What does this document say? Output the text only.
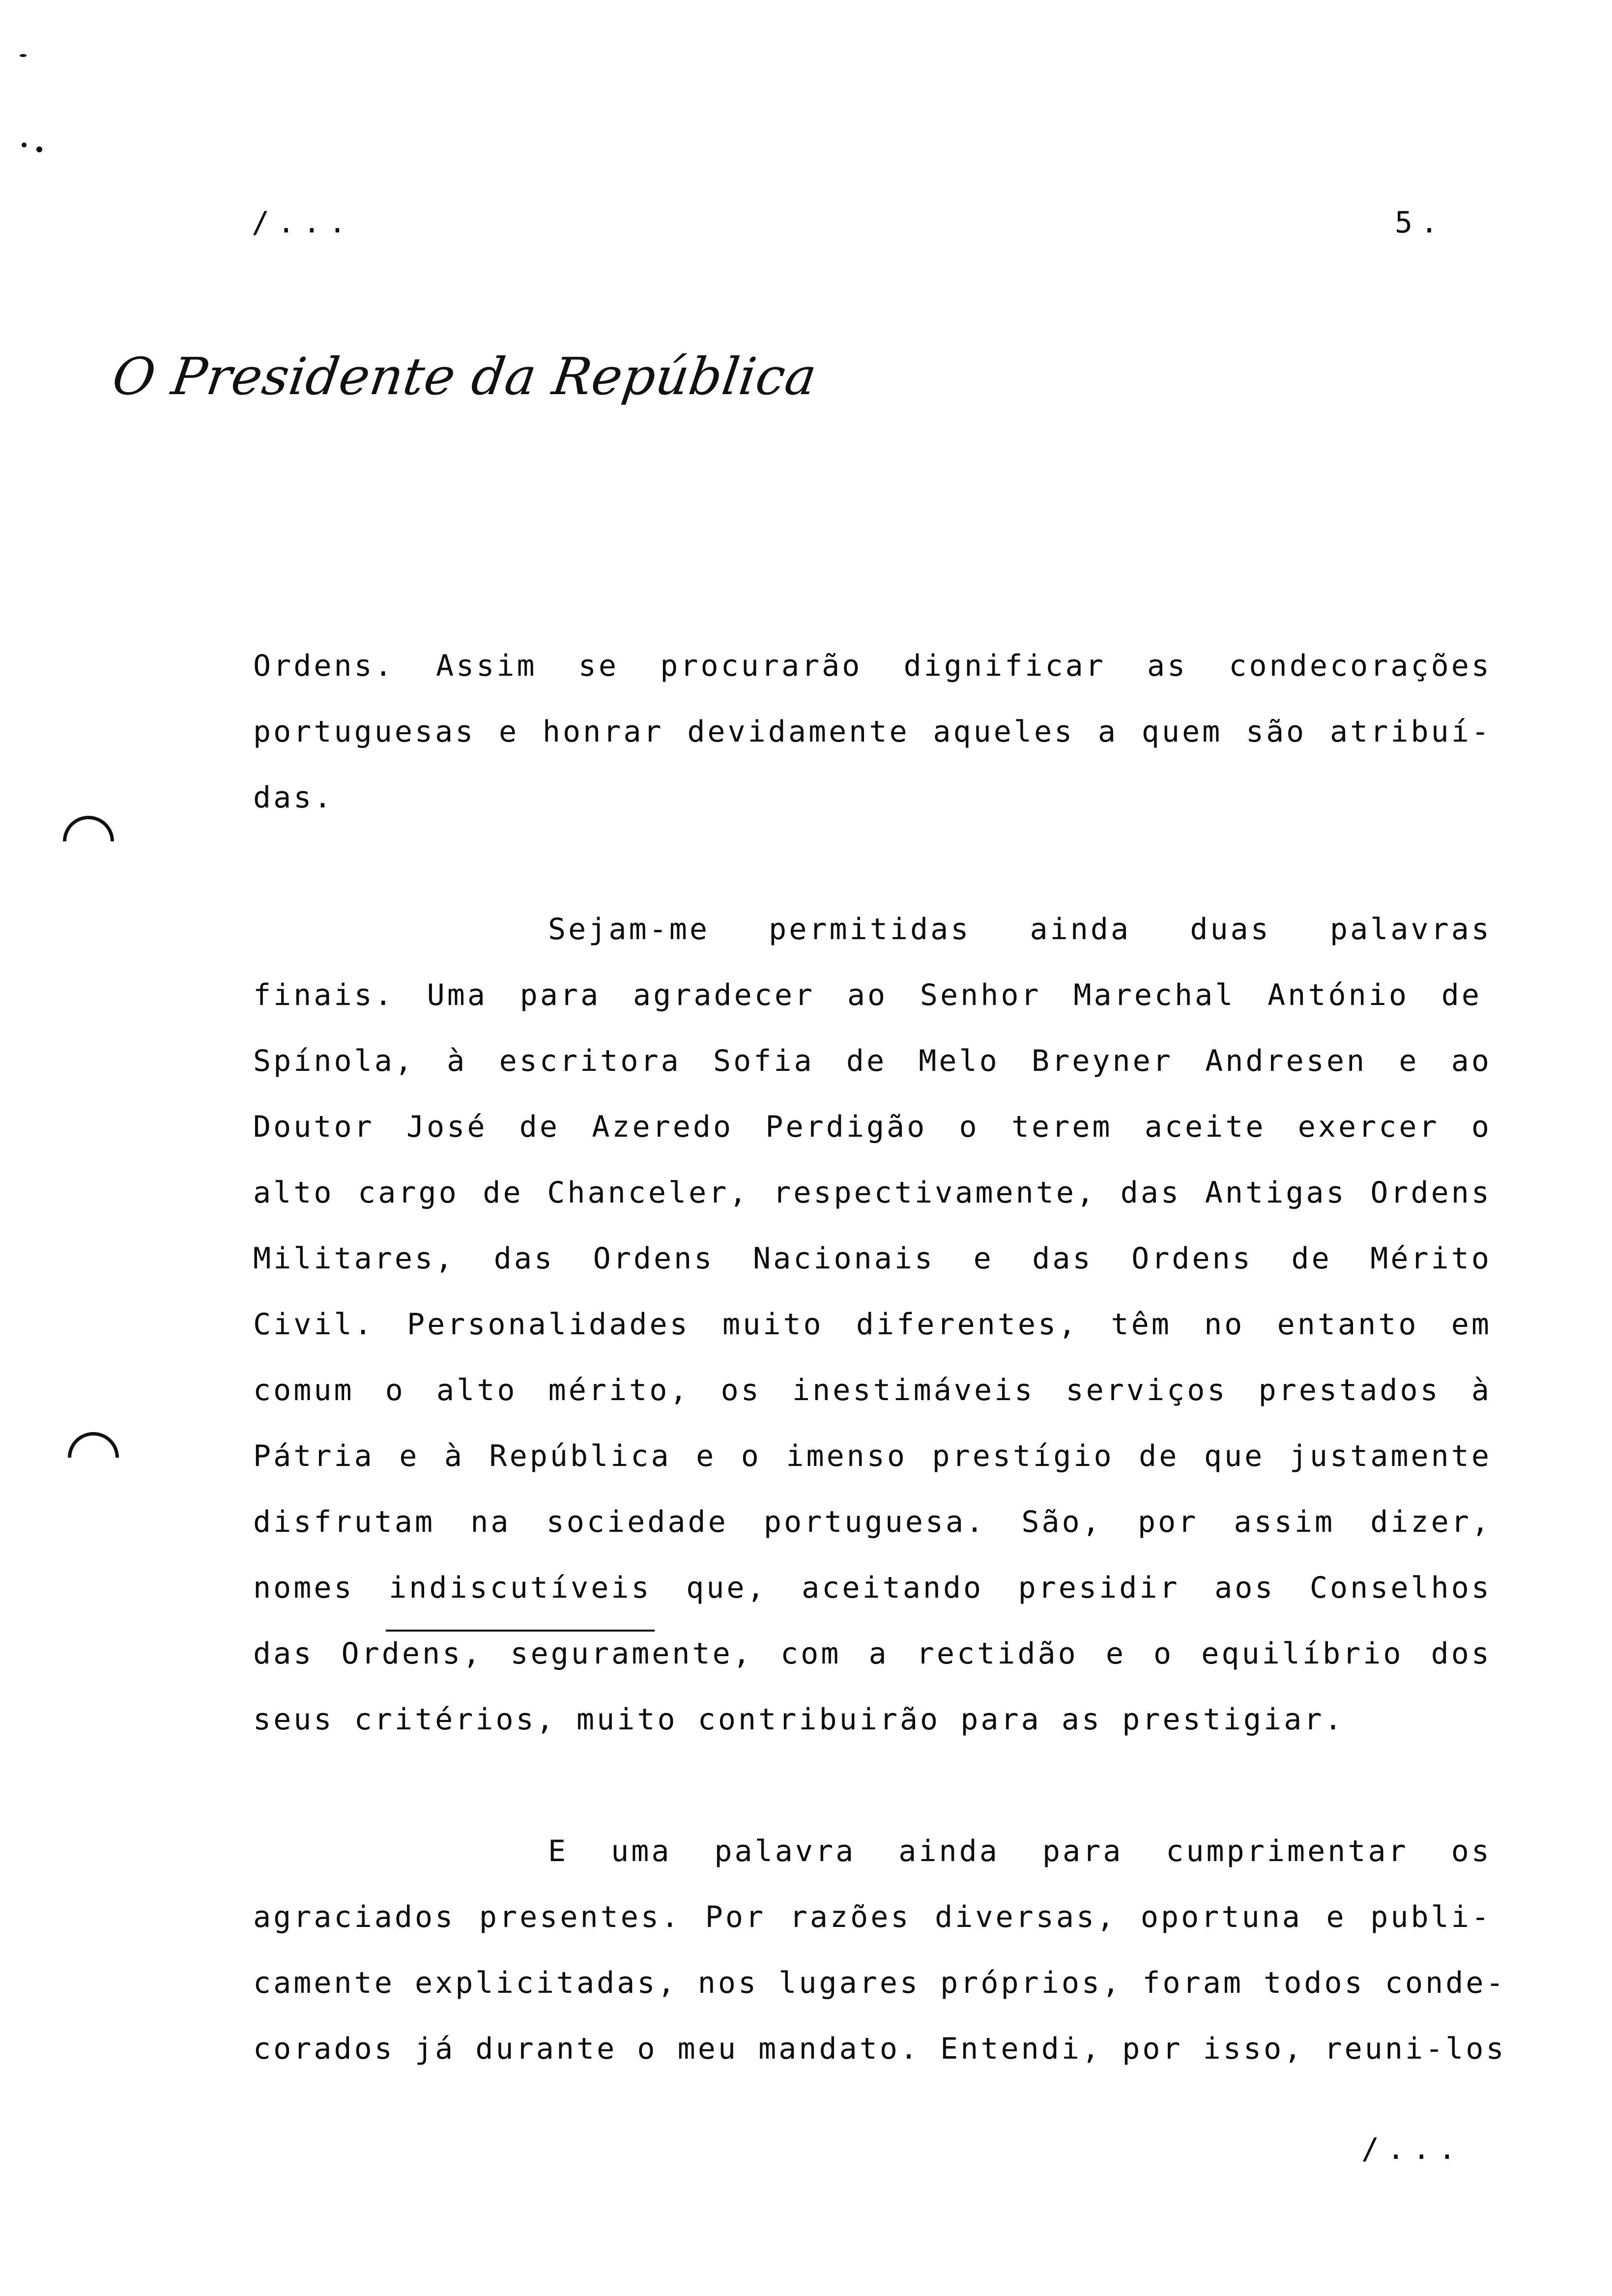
/...	5.
O Presidente da República
Ordens. Assim se procurarão dignificar as condecorações
portuguesas e honrar devidamente aqueles a quem são atribuí-
das.
Sejam-me permitidas ainda duas palavras
finais. Uma para agradecer ao Senhor Marechal António de
Spínola, à escritora Sofia de Melo Breyner Andresen e ao
Doutor José de Azeredo Perdigão o terem aceite exercer o
alto cargo de Chanceler, respectivamente, das Antigas Ordens
Militares, das Ordens Nacionais e das Ordens de Mérito
Civil. Personalidades muito diferentes, têm no entanto em
comum o alto mérito, os inestimáveis serviços prestados à
Pátria e à República e o imenso prestígio de que justamente
disfrutam na sociedade portuguesa. São, por assim dizer,
nomes indiscutíveis que, aceitando presidir aos Conselhos
das Ordens, seguramente, com a rectidão e o equilíbrio dos
seus critérios, muito contribuirão para as prestigiar.
E uma palavra ainda para cumprimentar os
agraciados presentes. Por razões diversas, oportuna e publi-
camente explicitadas, nos lugares próprios, foram todos conde-
corados já durante o meu mandato. Entendi, por isso, reuni-los
/...
